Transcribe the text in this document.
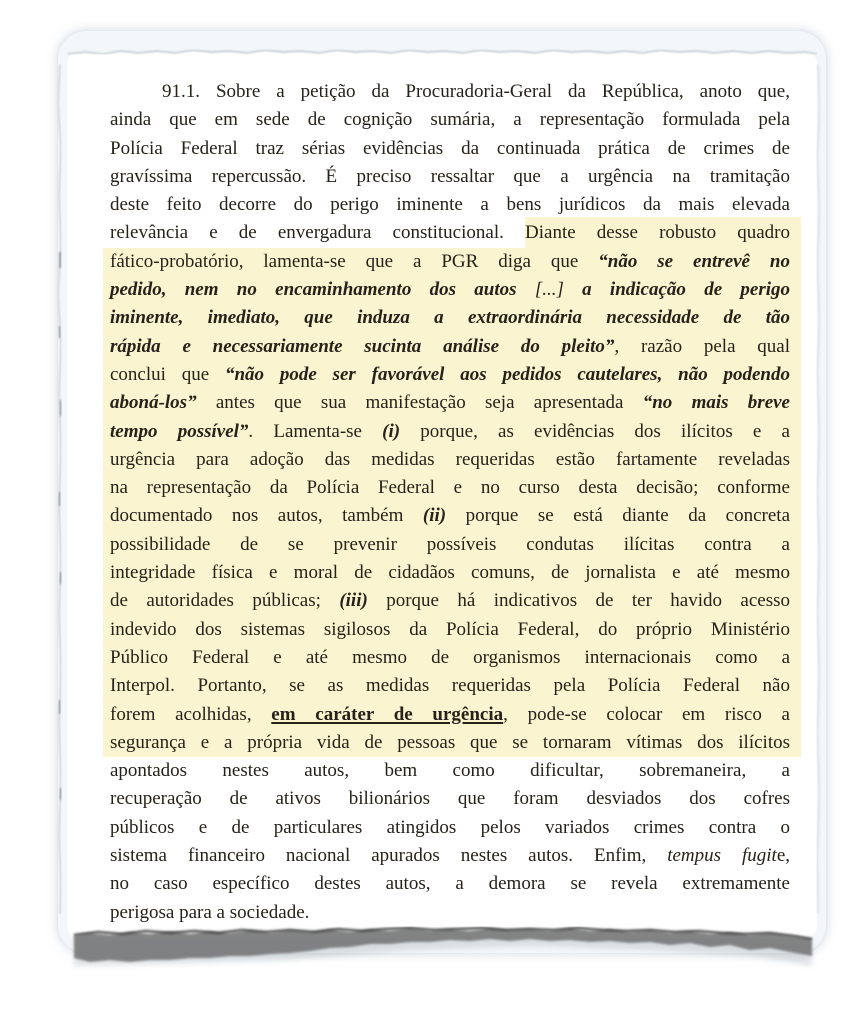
91.1. Sobre a petição da Procuradoria-Geral da República, anoto que,
ainda que em sede de cognição sumária, a representação formulada pela
Polícia Federal traz sérias evidências da continuada prática de crimes de
gravíssima repercussão. É preciso ressaltar que a urgência na tramitação
deste feito decorre do perigo iminente a bens jurídicos da mais elevada
relevância e de envergadura constitucional. Diante desse robusto quadro
fático-probatório, lamenta-se que a PGR diga que “não se entrevê no
pedido, nem no encaminhamento dos autos [...] a indicação de perigo
iminente, imediato, que induza a extraordinária necessidade de tão
rápida e necessariamente sucinta análise do pleito”, razão pela qual
conclui que “não pode ser favorável aos pedidos cautelares, não podendo
aboná-los” antes que sua manifestação seja apresentada “no mais breve
tempo possível”. Lamenta-se (i) porque, as evidências dos ilícitos e a
urgência para adoção das medidas requeridas estão fartamente reveladas
na representação da Polícia Federal e no curso desta decisão; conforme
documentado nos autos, também (ii) porque se está diante da concreta
possibilidade de se prevenir possíveis condutas ilícitas contra a
integridade física e moral de cidadãos comuns, de jornalista e até mesmo
de autoridades públicas; (iii) porque há indicativos de ter havido acesso
indevido dos sistemas sigilosos da Polícia Federal, do próprio Ministério
Público Federal e até mesmo de organismos internacionais como a
Interpol. Portanto, se as medidas requeridas pela Polícia Federal não
forem acolhidas, em caráter de urgência, pode-se colocar em risco a
segurança e a própria vida de pessoas que se tornaram vítimas dos ilícitos
apontados nestes autos, bem como dificultar, sobremaneira, a
recuperação de ativos bilionários que foram desviados dos cofres
públicos e de particulares atingidos pelos variados crimes contra o
sistema financeiro nacional apurados nestes autos. Enfim, tempus fugite,
no caso específico destes autos, a demora se revela extremamente
perigosa para a sociedade.
